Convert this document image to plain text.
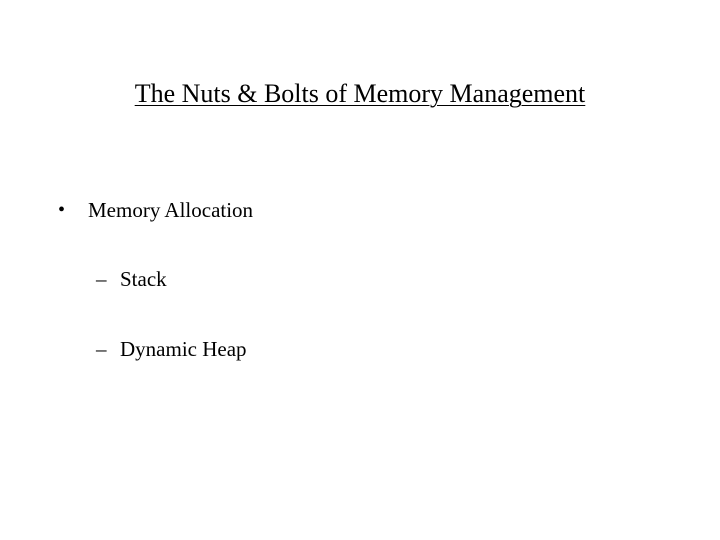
The Nuts & Bolts of Memory Management
• Memory Allocation
– Stack
– Dynamic Heap
